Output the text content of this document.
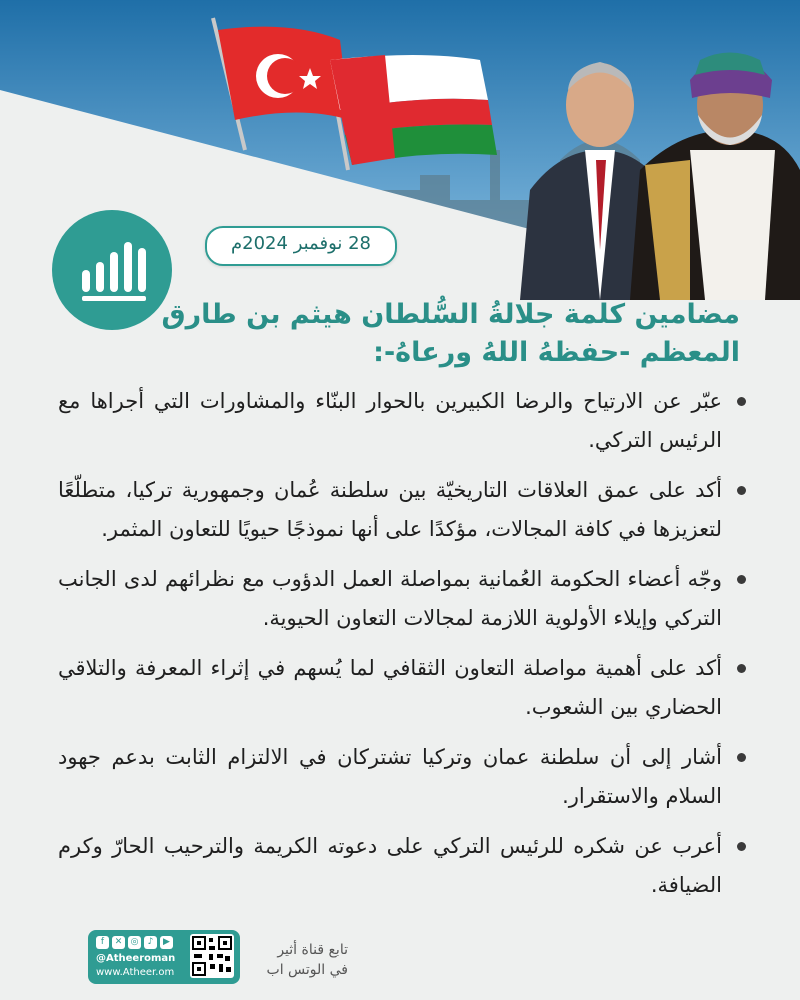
28 نوفمبر 2024م
مضامين كلمة جلالةُ السُّلطان هيثم بن طارق المعظم -حفظهُ اللهُ ورعاهُ-:
عبّر عن الارتياح والرضا الكبيرين بالحوار البنّاء والمشاورات التي أجراها مع الرئيس التركي.
أكد على عمق العلاقات التاريخيّة بين سلطنة عُمان وجمهورية تركيا، متطلّعًا لتعزيزها في كافة المجالات، مؤكدًا على أنها نموذجًا حيويًا للتعاون المثمر.
وجّه أعضاء الحكومة العُمانية بمواصلة العمل الدؤوب مع نظرائهم لدى الجانب التركي وإيلاء الأولوية اللازمة لمجالات التعاون الحيوية.
أكد على أهمية مواصلة التعاون الثقافي لما يُسهم في إثراء المعرفة والتلاقي الحضاري بين الشعوب.
أشار إلى أن سلطنة عمان وتركيا تشتركان في الالتزام الثابت بدعم جهود السلام والاستقرار.
أعرب عن شكره للرئيس التركي على دعوته الكريمة والترحيب الحارّ وكرم الضيافة.
f	✕ ◎	♪	▶
@Atheeroman
www.Atheer.om
تابع قناة أثير
في الوتس اب
